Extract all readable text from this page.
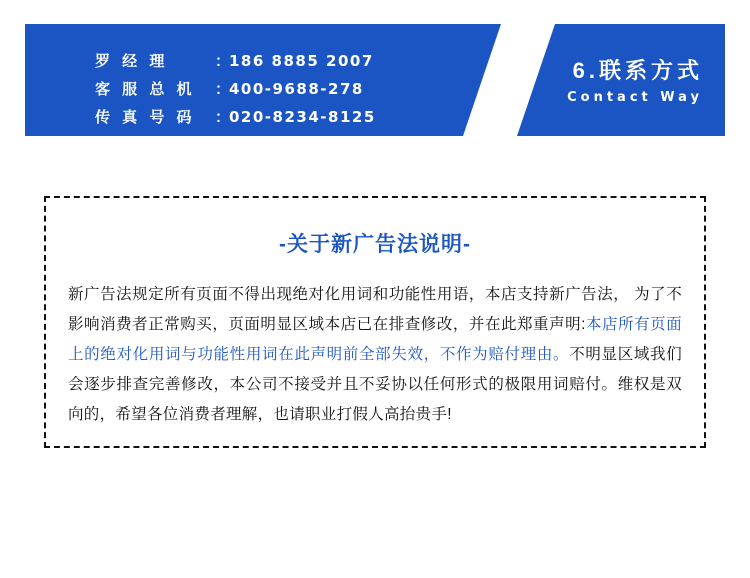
罗 经 理	：
186 8885 2007
客 服 总 机	：
400-9688-278
传 真 号 码	：
020-8234-8125
6.联系方式
Contact Way
-关于新广告法说明-
新广告法规定所有页面不得出现绝对化用词和功能性用语，本店支持新广告法， 为了不影响消费者正常购买，页面明显区域本店已在排查修改，并在此郑重声明:本店所有页面上的绝对化用词与功能性用词在此声明前全部失效，不作为赔付理由。不明显区域我们会逐步排查完善修改，本公司不接受并且不妥协以任何形式的极限用词赔付。维权是双向的，希望各位消费者理解，也请职业打假人高抬贵手!
